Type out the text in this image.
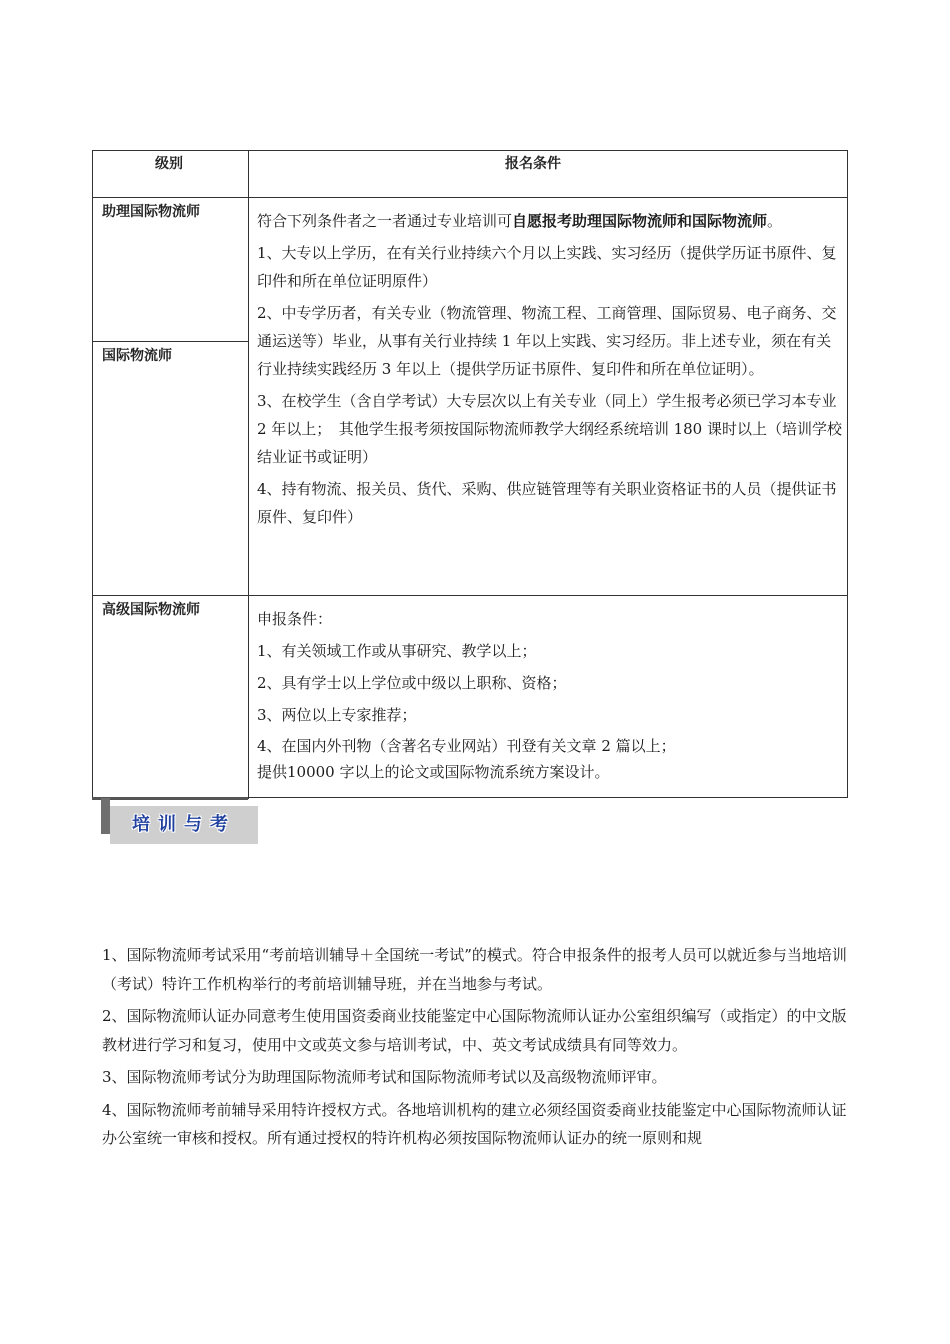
级别	报名条件
助理国际物流师
国际物流师
高级国际物流师

符合下列条件者之一者通过专业培训可自愿报考助理国际物流师和国际物流师。

1、大专以上学历，在有关行业持续六个月以上实践、实习经历（提供学历证书原件、复印件和所在单位证明原件）

2、中专学历者，有关专业（物流管理、物流工程、工商管理、国际贸易、电子商务、交通运送等）毕业，从事有关行业持续 1 年以上实践、实习经历。非上述专业，须在有关行业持续实践经历 3 年以上（提供学历证书原件、复印件和所在单位证明）。

3、在校学生（含自学考试）大专层次以上有关专业（同上）学生报考必须已学习本专业 2 年以上；　其他学生报考须按国际物流师教学大纲经系统培训 180 课时以上（培训学校结业证书或证明）

4、持有物流、报关员、货代、采购、供应链管理等有关职业资格证书的人员（提供证书原件、复印件）

申报条件：

1、有关领域工作或从事研究、教学以上；

2、具有学士以上学位或中级以上职称、资格；

3、两位以上专家推荐；

4、在国内外刊物（含著名专业网站）刊登有关文章 2 篇以上；

提供10000 字以上的论文或国际物流系统方案设计。

培训与考

1、国际物流师考试采用“考前培训辅导＋全国统一考试”的模式。符合申报条件的报考人员可以就近参与当地培训（考试）特许工作机构举行的考前培训辅导班，并在当地参与考试。

2、国际物流师认证办同意考生使用国资委商业技能鉴定中心国际物流师认证办公室组织编写（或指定）的中文版教材进行学习和复习，使用中文或英文参与培训考试，中、英文考试成绩具有同等效力。

3、国际物流师考试分为助理国际物流师考试和国际物流师考试以及高级物流师评审。

4、国际物流师考前辅导采用特许授权方式。各地培训机构的建立必须经国资委商业技能鉴定中心国际物流师认证办公室统一审核和授权。所有通过授权的特许机构必须按国际物流师认证办的统一原则和规
